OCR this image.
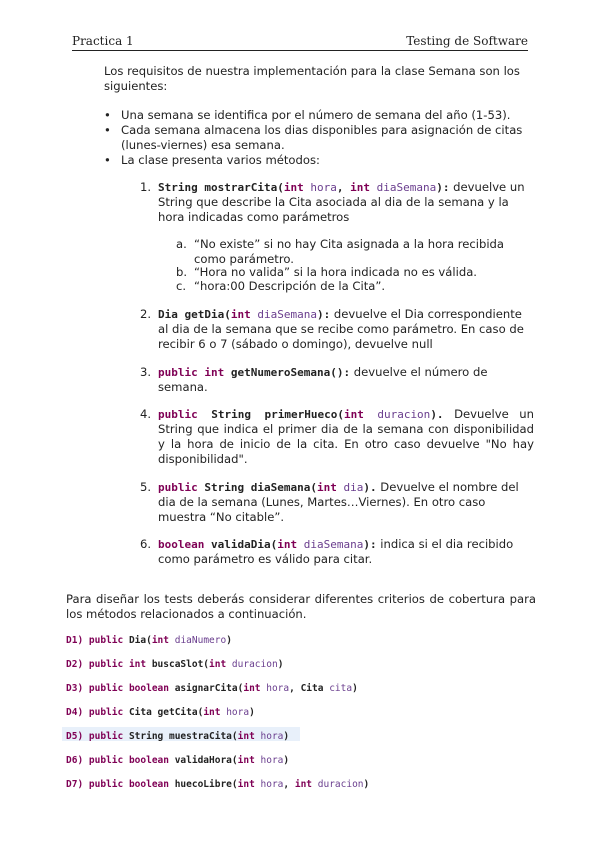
Practica 1	Testing de Software
Los requisitos de nuestra implementación para la clase Semana son los siguientes:
• Una semana se identifica por el número de semana del año (1-53).
• Cada semana almacena los dias disponibles para asignación de citas (lunes-viernes) esa semana.
• La clase presenta varios métodos:
1. String mostrarCita(int hora, int diaSemana): devuelve un String que describe la Cita asociada al dia de la semana y la hora indicadas como parámetros
a. “No existe” si no hay Cita asignada a la hora recibida como parámetro.
b. “Hora no valida” si la hora indicada no es válida.
c. “hora:00 Descripción de la Cita”.
2. Dia getDia(int diaSemana): devuelve el Dia correspondiente al dia de la semana que se recibe como parámetro. En caso de recibir 6 o 7 (sábado o domingo), devuelve null
3. public int getNumeroSemana(): devuelve el número de semana.
4. public String primerHueco(int duracion). Devuelve un String que indica el primer dia de la semana con disponibilidad y la hora de inicio de la cita. En otro caso devuelve "No hay disponibilidad".
5. public String diaSemana(int dia). Devuelve el nombre del dia de la semana (Lunes, Martes…Viernes). En otro caso muestra “No citable”.
6. boolean validaDia(int diaSemana): indica si el dia recibido como parámetro es válido para citar.
Para diseñar los tests deberás considerar diferentes criterios de cobertura para los métodos relacionados a continuación.
D1) public Dia(int diaNumero)
D2) public int buscaSlot(int duracion)
D3) public boolean asignarCita(int hora, Cita cita)
D4) public Cita getCita(int hora)
D5) public String muestraCita(int hora)
D6) public boolean validaHora(int hora)
D7) public boolean huecoLibre(int hora, int duracion)
